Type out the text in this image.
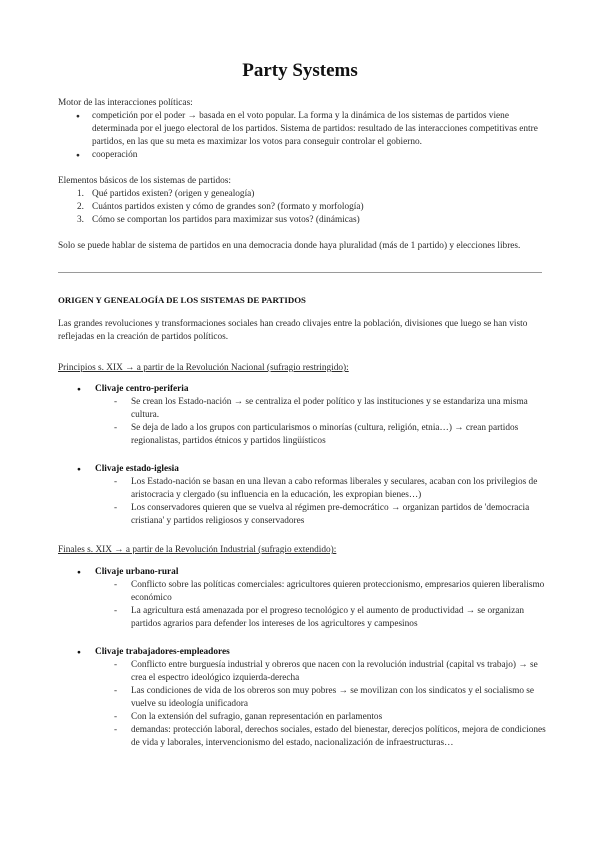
Party Systems

Motor de las interacciones políticas:

● competición por el poder → basada en el voto popular. La forma y la dinámica de los sistemas de partidos viene determinada por el juego electoral de los partidos. Sistema de partidos: resultado de las interacciones competitivas entre partidos, en las que su meta es maximizar los votos para conseguir controlar el gobierno.
● cooperación

Elementos básicos de los sistemas de partidos:

1. Qué partidos existen? (origen y genealogía)
2. Cuántos partidos existen y cómo de grandes son? (formato y morfología)
3. Cómo se comportan los partidos para maximizar sus votos? (dinámicas)
Solo se puede hablar de sistema de partidos en una democracia donde haya pluralidad (más de 1 partido) y elecciones libres.
ORIGEN Y GENEALOGÍA DE LOS SISTEMAS DE PARTIDOS
Las grandes revoluciones y transformaciones sociales han creado clivajes entre la población, divisiones que luego se han visto reflejadas en la creación de partidos políticos.
Principios s. XIX → a partir de la Revolución Nacional (sufragio restringido):
● Clivaje centro-periferia
- Se crean los Estado-nación → se centraliza el poder político y las instituciones y se estandariza una misma cultura.
- Se deja de lado a los grupos con particularismos o minorías (cultura, religión, etnia…) → crean partidos regionalistas, partidos étnicos y partidos lingüísticos
● Clivaje estado-iglesia
- Los Estado-nación se basan en una llevan a cabo reformas liberales y seculares, acaban con los privilegios de aristocracia y clergado (su influencia en la educación, les expropian bienes…)
- Los conservadores quieren que se vuelva al régimen pre-democrático → organizan partidos de 'democracia cristiana' y partidos religiosos y conservadores
Finales s. XIX → a partir de la Revolución Industrial (sufragio extendido):
● Clivaje urbano-rural
- Conflicto sobre las políticas comerciales: agricultores quieren proteccionismo, empresarios quieren liberalismo económico
- La agricultura está amenazada por el progreso tecnológico y el aumento de productividad → se organizan partidos agrarios para defender los intereses de los agricultores y campesinos
● Clivaje trabajadores-empleadores
- Conflicto entre burguesía industrial y obreros que nacen con la revolución industrial (capital vs trabajo) → se crea el espectro ideológico izquierda-derecha
- Las condiciones de vida de los obreros son muy pobres → se movilizan con los sindicatos y el socialismo se vuelve su ideología unificadora
- Con la extensión del sufragio, ganan representación en parlamentos
- demandas: protección laboral, derechos sociales, estado del bienestar, derecjos políticos, mejora de condiciones de vida y laborales, intervencionismo del estado, nacionalización de infraestructuras…
